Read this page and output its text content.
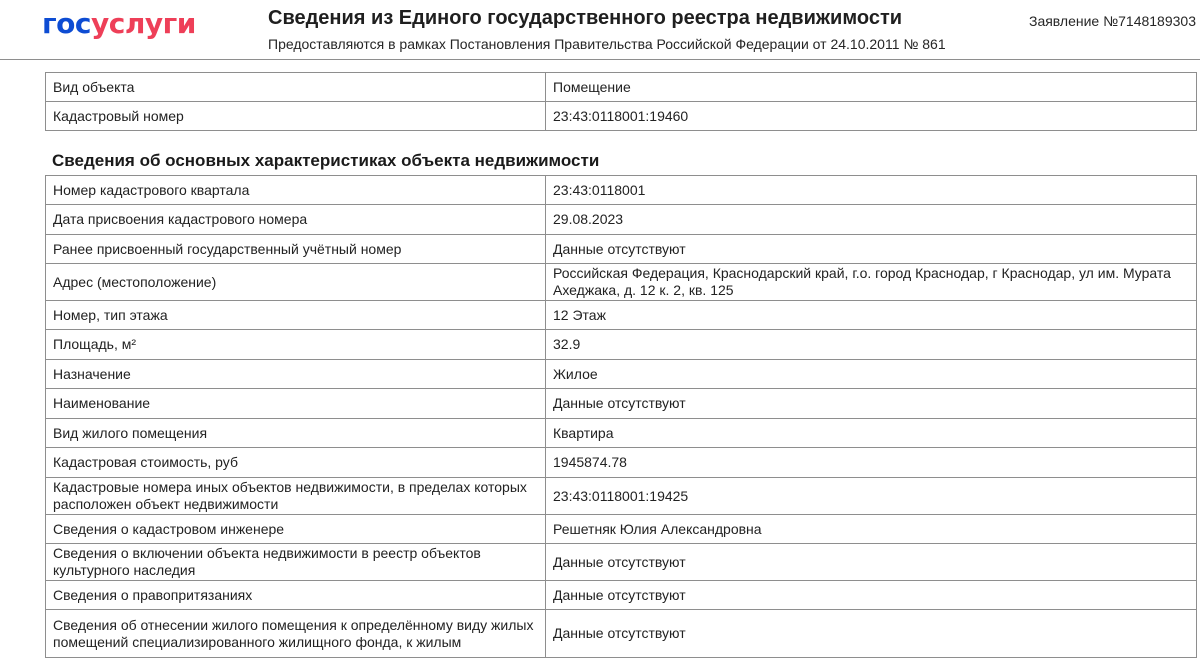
госуслуги	Сведения из Единого государственного реестра недвижимости
Предоставляются в рамках Постановления Правительства Российской Федерации от 24.10.2011 № 861
Заявление №7148189303
Вид объекта	Помещение
Кадастровый номер	23:43:0118001:19460
Сведения об основных характеристиках объекта недвижимости
Номер кадастрового квартала	23:43:0118001
Дата присвоения кадастрового номера	29.08.2023
Ранее присвоенный государственный учётный номер	Данные отсутствуют
Адрес (местоположение)	Российская Федерация, Краснодарский край, г.о. город Краснодар, г Краснодар, ул им. Мурата Ахеджака, д. 12 к. 2, кв. 125
Номер, тип этажа	12 Этаж
Площадь, м²	32.9
Назначение	Жилое
Наименование	Данные отсутствуют
Вид жилого помещения	Квартира
Кадастровая стоимость, руб	1945874.78
Кадастровые номера иных объектов недвижимости, в пределах которых расположен объект недвижимости	23:43:0118001:19425
Сведения о кадастровом инженере	Решетняк Юлия Александровна
Сведения о включении объекта недвижимости в реестр объектов культурного наследия	Данные отсутствуют
Сведения о правопритязаниях	Данные отсутствуют
Сведения об отнесении жилого помещения к определённому виду жилых помещений специализированного жилищного фонда, к жилым	Данные отсутствуют
